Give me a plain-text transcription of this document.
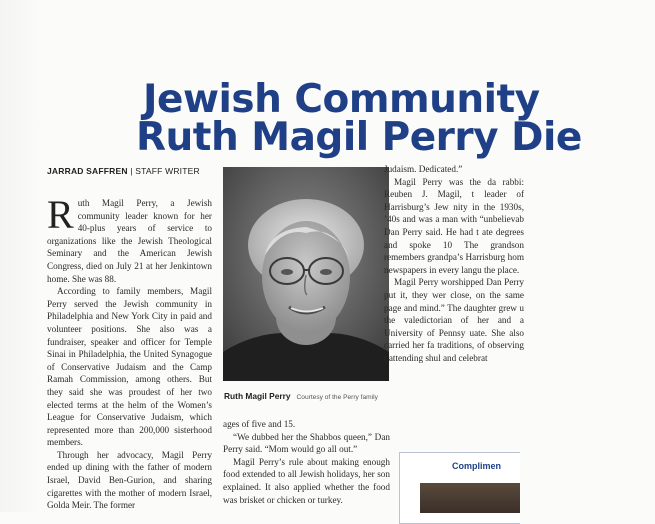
Jewish Community
Ruth Magil Perry Die
JARRAD SAFFREN | STAFF WRITER

Ruth Magil Perry, a Jewish community leader known for her 40-plus years of service to organizations like the Jewish Theological Seminary and the American Jewish Congress, died on July 21 at her Jenkintown home. She was 88.

According to family members, Magil Perry served the Jewish community in Philadelphia and New York City in paid and volunteer positions. She also was a fundraiser, speaker and officer for Temple Sinai in Philadelphia, the United Synagogue of Conservative Judaism and the Camp Ramah Commission, among others. But they said she was proudest of her two elected terms at the helm of the Women’s League for Conservative Judaism, which represented more than 200,000 sisterhood members.

Through her advocacy, Magil Perry ended up dining with the father of modern Israel, David Ben-Gurion, and sharing cigarettes with the mother of modern Israel, Golda Meir. The former

Ruth Magil Perry Courtesy of the Perry family

ages of five and 15.

“We dubbed her the Shabbos queen,” Dan Perry said. “Mom would go all out.”

Magil Perry’s rule about making enough food extended to all Jewish holidays, her son explained. It also applied whether the food was brisket or chicken or turkey.

Judaism. Dedicated.”

Magil Perry was the da rabbi: Reuben J. Magil, t leader of Harrisburg’s Jew nity in the 1930s, ’40s and was a man with “unbelievab Dan Perry said. He had t ate degrees and spoke 10 The grandson remembers grandpa’s Harrisburg hom newspapers in every langu the place.

Magil Perry worshipped Dan Perry put it, they wer close, on the same page and mind.” The daughter grew u the valedictorian of her and a University of Pennsy uate. She also carried her fa traditions, of observing t attending shul and celebrat

Complimen
